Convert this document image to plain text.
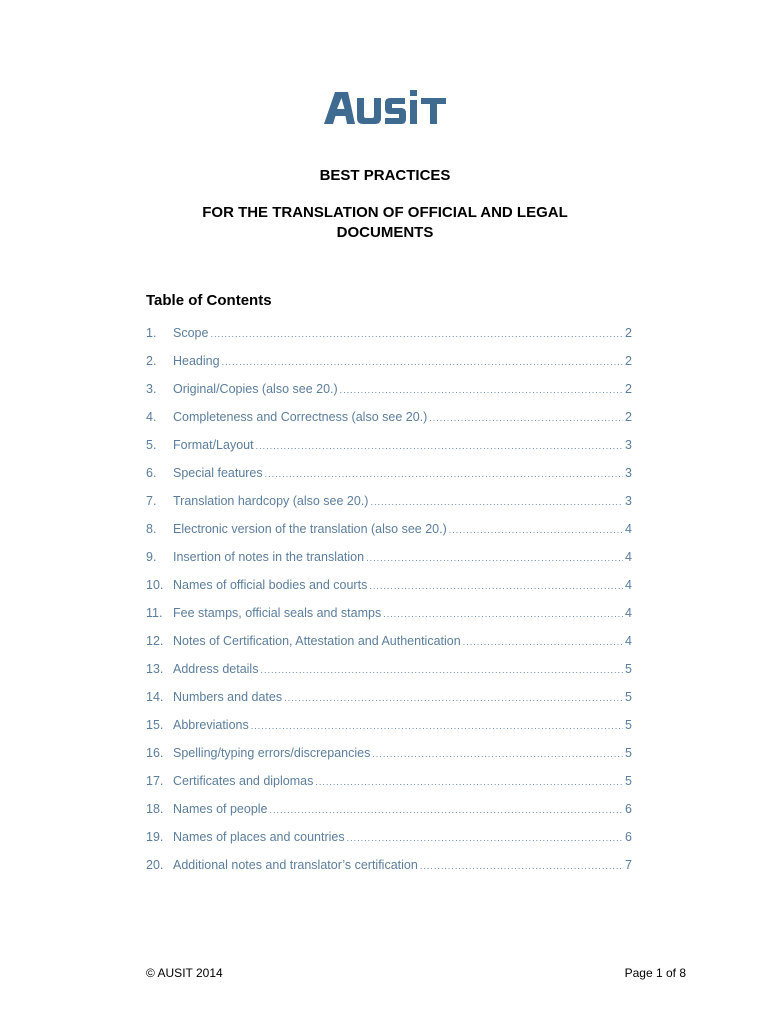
BEST PRACTICES
FOR THE TRANSLATION OF OFFICIAL AND LEGAL
DOCUMENTS
Table of Contents
1.	Scope .....	2
2.	Heading .....	2
3.	Original/Copies (also see 20.) .....	2
4.	Completeness and Correctness (also see 20.) .....	2
5.	Format/Layout .....	3
6.	Special features .....	3
7.	Translation hardcopy (also see 20.) .....	3
8.	Electronic version of the translation (also see 20.) .....	4
9.	Insertion of notes in the translation .....	4
10. Names of official bodies and courts .....	4
11. Fee stamps, official seals and stamps .....	4
12. Notes of Certification, Attestation and Authentication .....	4
13. Address details .....	5
14. Numbers and dates .....	5
15. Abbreviations .....	5
16. Spelling/typing errors/discrepancies .....	5
17. Certificates and diplomas .....	5
18. Names of people .....	6
19. Names of places and countries .....	6
20. Additional notes and translator’s certification .....	7
© AUSIT 2014	Page 1 of 8
